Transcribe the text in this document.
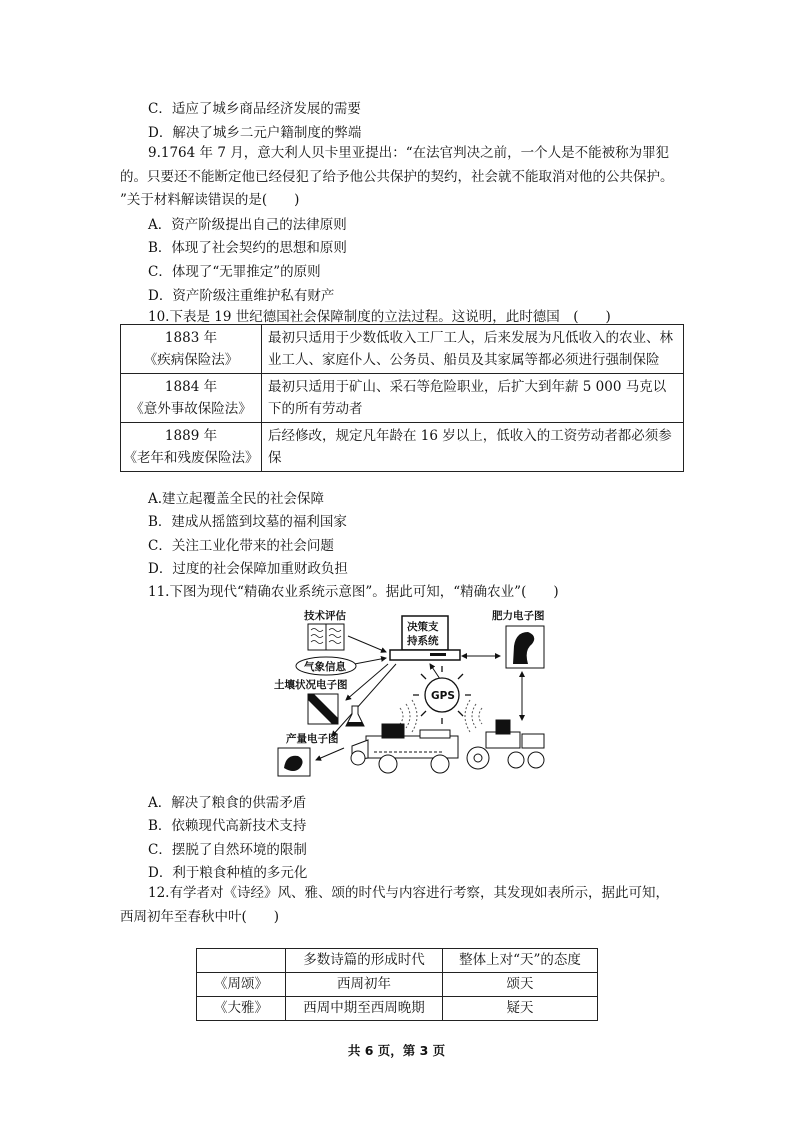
C．适应了城乡商品经济发展的需要
D．解决了城乡二元户籍制度的弊端
9.1764 年 7 月，意大利人贝卡里亚提出：“在法官判决之前，一个人是不能被称为罪犯
的。只要还不能断定他已经侵犯了给予他公共保护的契约，社会就不能取消对他的公共保护。
”关于材料解读错误的是(　　)
A．资产阶级提出自己的法律原则
B．体现了社会契约的思想和原则
C．体现了“无罪推定”的原则
D．资产阶级注重维护私有财产
10.下表是 19 世纪德国社会保障制度的立法过程。这说明，此时德国　(　　)
1883 年
《疾病保险法》	最初只适用于少数低收入工厂工人，后来发展为凡低收入的农业、林业工人、家庭仆人、公务员、船员及其家属等都必须进行强制保险

1884 年
《意外事故保险法》	最初只适用于矿山、采石等危险职业，后扩大到年薪 5 000 马克以下的所有劳动者

1889 年
《老年和残废保险法》	后经修改，规定凡年龄在 16 岁以上，低收入的工资劳动者都必须参保
A.建立起覆盖全民的社会保障
B．建成从摇篮到坟墓的福利国家
C．关注工业化带来的社会问题
D．过度的社会保障加重财政负担
11.下图为现代“精确农业系统示意图”。据此可知，“精确农业”(　　)
技术评估
决策支
持系统
肥力电子图
气象信息
土壤状况电子图
GPS
产量电子图
A．解决了粮食的供需矛盾
B．依赖现代高新技术支持
C．摆脱了自然环境的限制
D．利于粮食种植的多元化
12.有学者对《诗经》风、雅、颂的时代与内容进行考察，其发现如表所示，据此可知，
西周初年至春秋中叶(　　)
	多数诗篇的形成时代	整体上对“天”的态度
《周颂》	西周初年	颂天
《大雅》	西周中期至西周晚期	疑天
共 6 页，第 3 页
